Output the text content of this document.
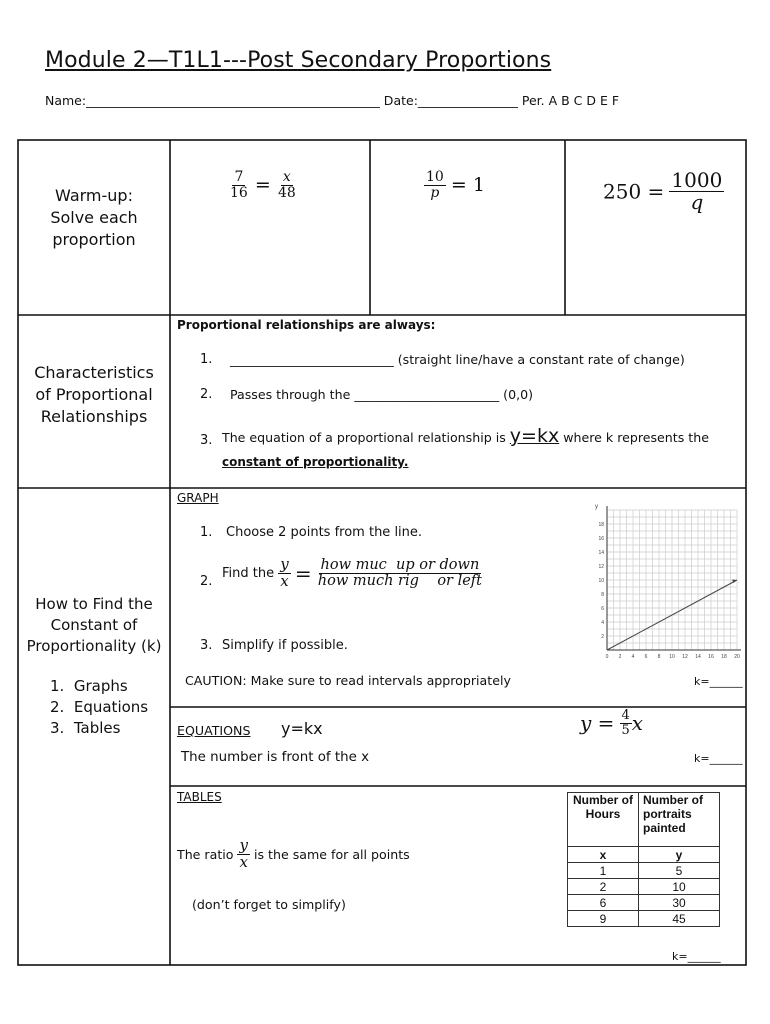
Module 2—T1L1---Post Secondary Proportions
Name:_______________________________________________ Date:________________ Per. A B C D E F
Warm-up:
Solve each
proportion
$\frac{7}{16} = \frac{x}{48}$	$\frac{10}{p} = 1$	$250 = \frac{1000}{q}$
Characteristics
of Proportional
Relationships
Proportional relationships are always:
1. __________________________ (straight line/have a constant rate of change)
2. Passes through the _______________________ (0,0)
3. The equation of a proportional relationship is y=kx where k represents the
constant of proportionality.
How to Find the
Constant of
Proportionality (k)
1.  Graphs
2.  Equations
3.  Tables
GRAPH
1. Choose 2 points from the line.
2.
Find the $\frac{y}{x} = \frac{\text{how muc  up or down}}{\text{how much rig    or left}}$
3. Simplify if possible.
CAUTION: Make sure to read intervals appropriately	k=______
2
4
6
8
10
12
14
16
18
0 2 4 6 8 10 12 14 16 18 20
y
EQUATIONS y=kx	$y = \frac{4}{5}$ x
The number is front of the x	k=______
TABLES
The ratio $\frac{y}{x}$ is the same for all points
(don’t forget to simplify)
k=______
Number of Hours	Number of portraits painted
x	y
1	5
2	10
6	30
9	45
